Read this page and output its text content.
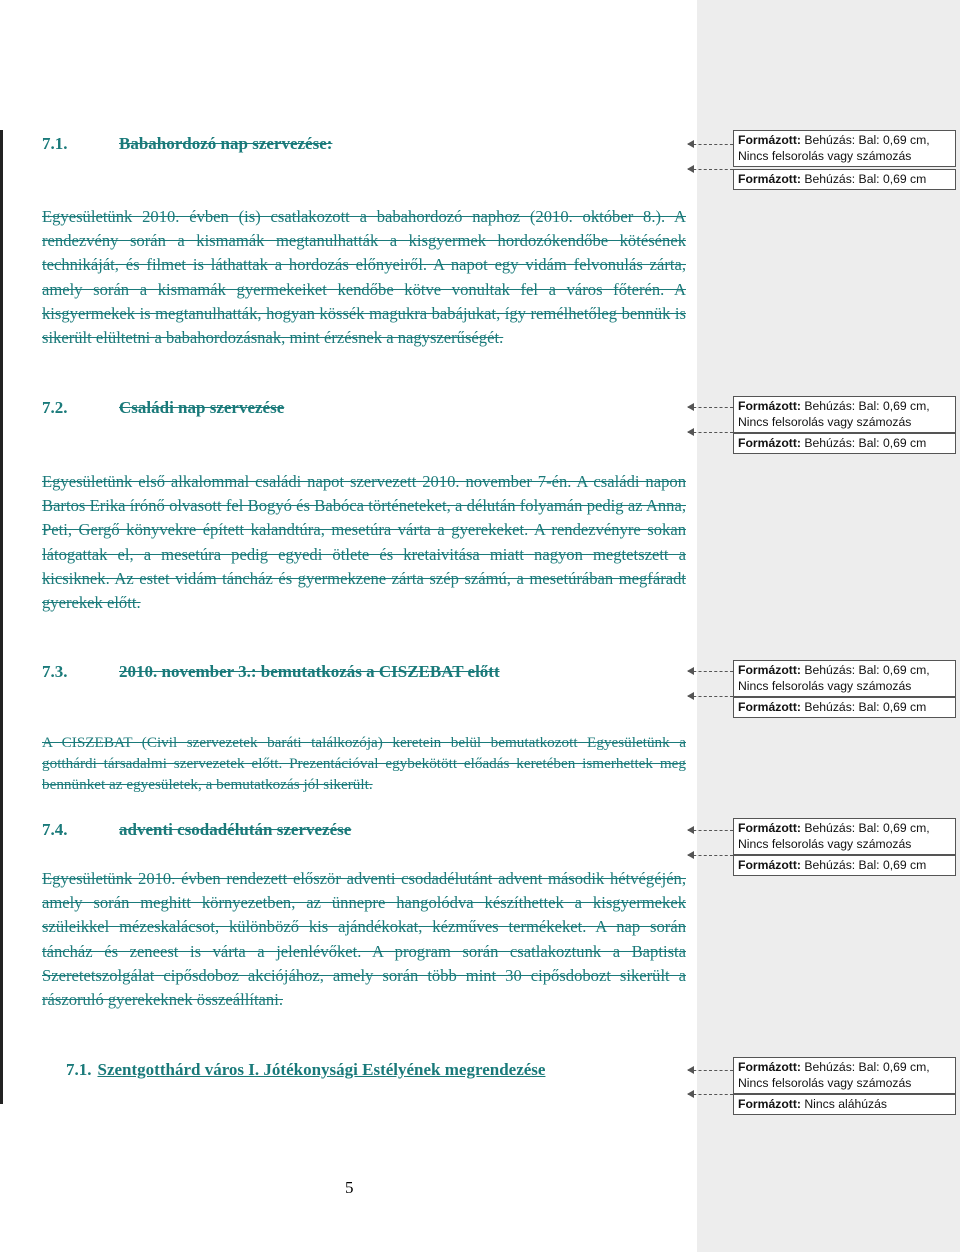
7.1.	Babahordozó nap szervezése:
Egyesületünk 2010. évben (is) csatlakozott a babahordozó naphoz (2010. október 8.). A rendezvény során a kismamák megtanulhatták a kisgyermek hordozókendőbe kötésének technikáját, és filmet is láthattak a hordozás előnyeiről. A napot egy vidám felvonulás zárta, amely során a kismamák gyermekeiket kendőbe kötve vonultak fel a város főterén. A kisgyermekek is megtanulhatták, hogyan kössék magukra babájukat, így remélhetőleg bennük is sikerült elültetni a babahordozásnak, mint érzésnek a nagyszerűségét.
7.2.	Családi nap szervezése
Egyesületünk első alkalommal családi napot szervezett 2010. november 7-én. A családi napon Bartos Erika írónő olvasott fel Bogyó és Babóca történeteket, a délután folyamán pedig az Anna, Peti, Gergő könyvekre épített kalandtúra, mesetúra várta a gyerekeket. A rendezvényre sokan látogattak el, a mesetúra pedig egyedi ötlete és kretaivitása miatt nagyon megtetszett a kicsiknek. Az estet vidám táncház és gyermekzene zárta szép számú, a mesetúrában megfáradt gyerekek előtt.
7.3.	2010. november 3.: bemutatkozás a CISZEBAT előtt
A CISZEBAT (Civil szervezetek baráti találkozója) keretein belül bemutatkozott Egyesületünk a gotthárdi társadalmi szervezetek előtt. Prezentációval egybekötött előadás keretében ismerhettek meg bennünket az egyesületek, a bemutatkozás jól sikerült.
7.4.	adventi csodadélután szervezése
Egyesületünk 2010. évben rendezett először adventi csodadélutánt advent második hétvégéjén, amely során meghitt környezetben, az ünnepre hangolódva készíthettek a kisgyermekek szüleikkel mézeskalácsot, különböző kis ajándékokat, kézműves termékeket. A nap során táncház és zeneest is várta a jelenlévőket. A program során csatlakoztunk a Baptista Szeretetszolgálat cipősdoboz akciójához, amely során több mint 30 cipősdobozt sikerült a rászoruló gyerekeknek összeállítani.
7.1. Szentgotthárd város I. Jótékonysági Estélyének megrendezése
5
Formázott: Behúzás: Bal: 0,69 cm,
Nincs felsorolás vagy számozás
Formázott: Behúzás: Bal: 0,69 cm
Formázott: Behúzás: Bal: 0,69 cm,
Nincs felsorolás vagy számozás
Formázott: Behúzás: Bal: 0,69 cm
Formázott: Behúzás: Bal: 0,69 cm,
Nincs felsorolás vagy számozás
Formázott: Behúzás: Bal: 0,69 cm
Formázott: Behúzás: Bal: 0,69 cm,
Nincs felsorolás vagy számozás
Formázott: Behúzás: Bal: 0,69 cm
Formázott: Behúzás: Bal: 0,69 cm,
Nincs felsorolás vagy számozás
Formázott: Nincs aláhúzás
